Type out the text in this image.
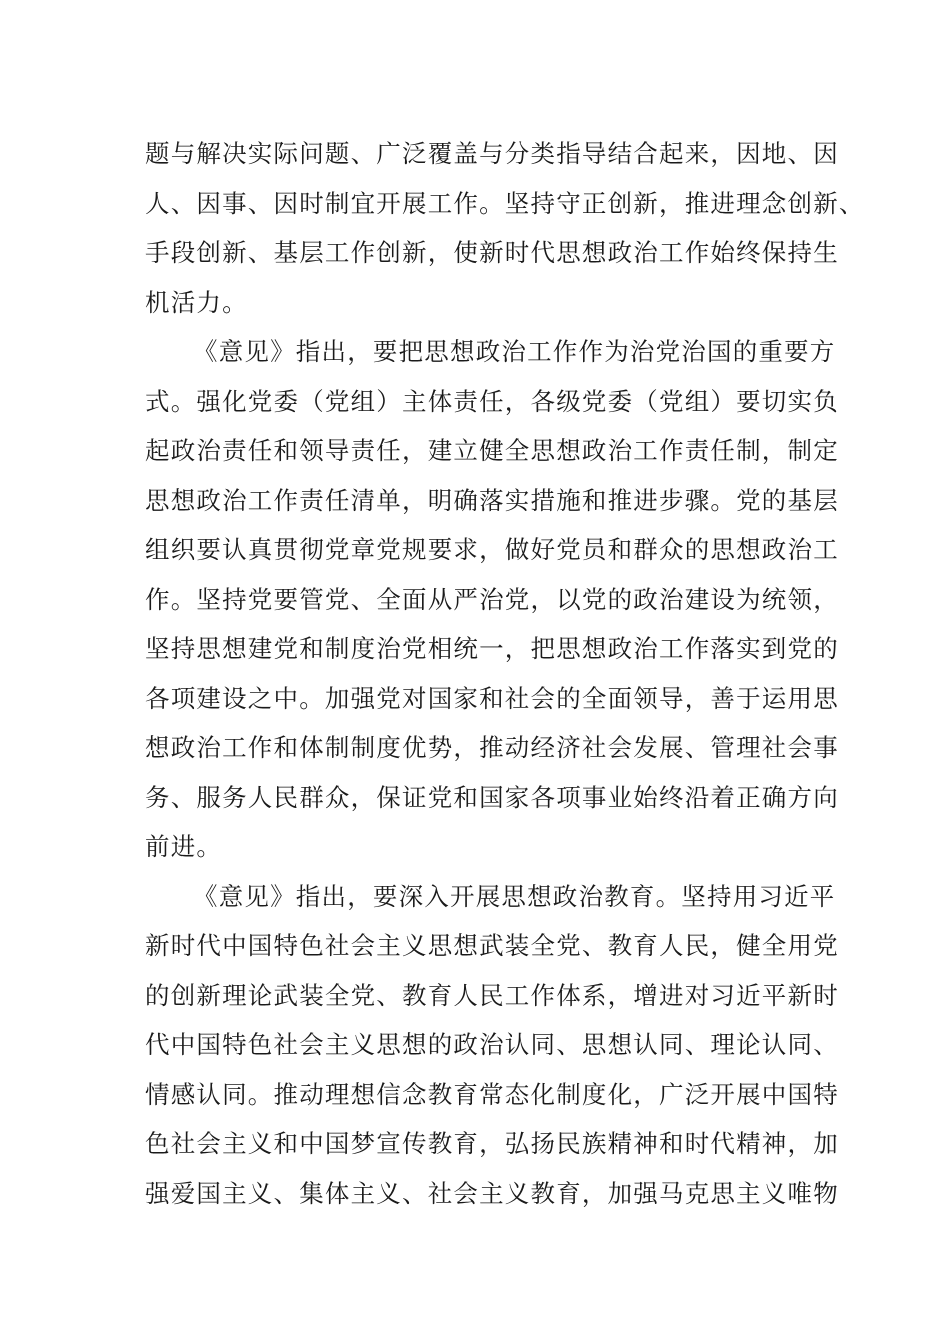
题与解决实际问题、广泛覆盖与分类指导结合起来，因地、因
人、因事、因时制宜开展工作。坚持守正创新，推进理念创新、
手段创新、基层工作创新，使新时代思想政治工作始终保持生
机活力。
《意见》指出，要把思想政治工作作为治党治国的重要方
式。强化党委（党组）主体责任，各级党委（党组）要切实负
起政治责任和领导责任，建立健全思想政治工作责任制，制定
思想政治工作责任清单，明确落实措施和推进步骤。党的基层
组织要认真贯彻党章党规要求，做好党员和群众的思想政治工
作。坚持党要管党、全面从严治党，以党的政治建设为统领，
坚持思想建党和制度治党相统一，把思想政治工作落实到党的
各项建设之中。加强党对国家和社会的全面领导，善于运用思
想政治工作和体制制度优势，推动经济社会发展、管理社会事
务、服务人民群众，保证党和国家各项事业始终沿着正确方向
前进。
《意见》指出，要深入开展思想政治教育。坚持用习近平
新时代中国特色社会主义思想武装全党、教育人民，健全用党
的创新理论武装全党、教育人民工作体系，增进对习近平新时
代中国特色社会主义思想的政治认同、思想认同、理论认同、
情感认同。推动理想信念教育常态化制度化，广泛开展中国特
色社会主义和中国梦宣传教育，弘扬民族精神和时代精神，加
强爱国主义、集体主义、社会主义教育，加强马克思主义唯物
